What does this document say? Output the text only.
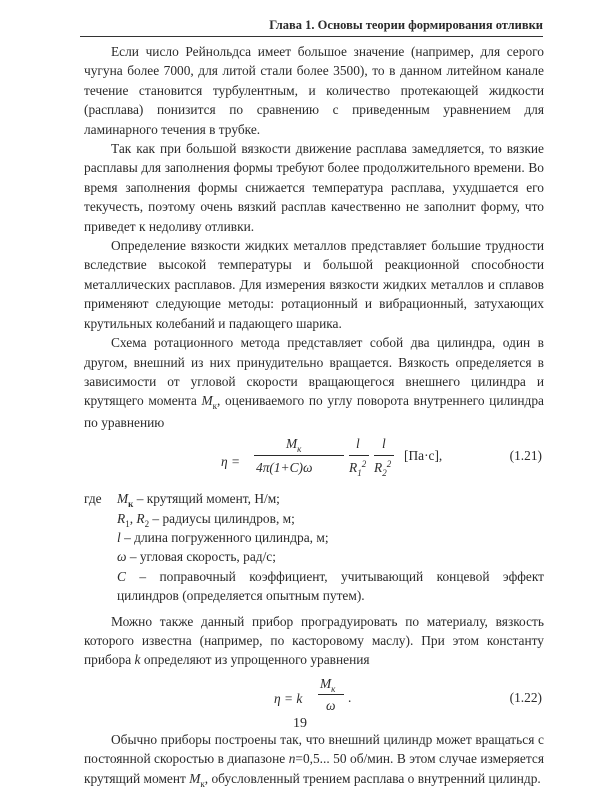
Глава 1. Основы теории формирования отливки

Если число Рейнольдса имеет большое значение (например, для серого чугуна более 7000, для литой стали более 3500), то в данном литейном канале течение становится турбулентным, и количество протекающей жидкости (расплава) понизится по сравнению с приведенным уравнением для ламинарного течения в трубке.

Так как при большой вязкости движение расплава замедляется, то вязкие расплавы для заполнения формы требуют более продолжительного времени. Во время заполнения формы снижается температура расплава, ухудшается его текучесть, поэтому очень вязкий расплав качественно не заполнит форму, что приведет к недоливу отливки.

Определение вязкости жидких металлов представляет большие трудности вследствие высокой температуры и большой реакционной способности металлических расплавов. Для измерения вязкости жидких металлов и сплавов применяют следующие методы: ротационный и вибрационный, затухающих крутильных колебаний и падающего шарика.

Схема ротационного метода представляет собой два цилиндра, один в другом, внешний из них принудительно вращается. Вязкость определяется в зависимости от угловой скорости вращающегося внешнего цилиндра и крутящего момента $M_к$, оцениваемого по углу поворота внутреннего цилиндра по уравнению

η =
$M_к$
4π(1+C)ω
l
$R_1^2$
l
$R_2^2$
[Па·с],	(1.21)
где $M_к$ – крутящий момент, Н/м;
$R_1$, $R_2$ – радиусы цилиндров, м;
l – длина погруженного цилиндра, м;
ω – угловая скорость, рад/с;
C – поправочный коэффициент, учитывающий концевой эффект цилиндров (определяется опытным путем).

Можно также данный прибор проградуировать по материалу, вязкость которого известна (например, по касторовому маслу). При этом константу прибора k определяют из упрощенного уравнения

η = k
$M_к$
ω
.	(1.22)

Обычно приборы построены так, что внешний цилиндр может вращаться с постоянной скоростью в диапазоне n=0,5... 50 об/мин. В этом случае измеряется крутящий момент $M_к$, обусловленный трением расплава о внутренний цилиндр.

19
